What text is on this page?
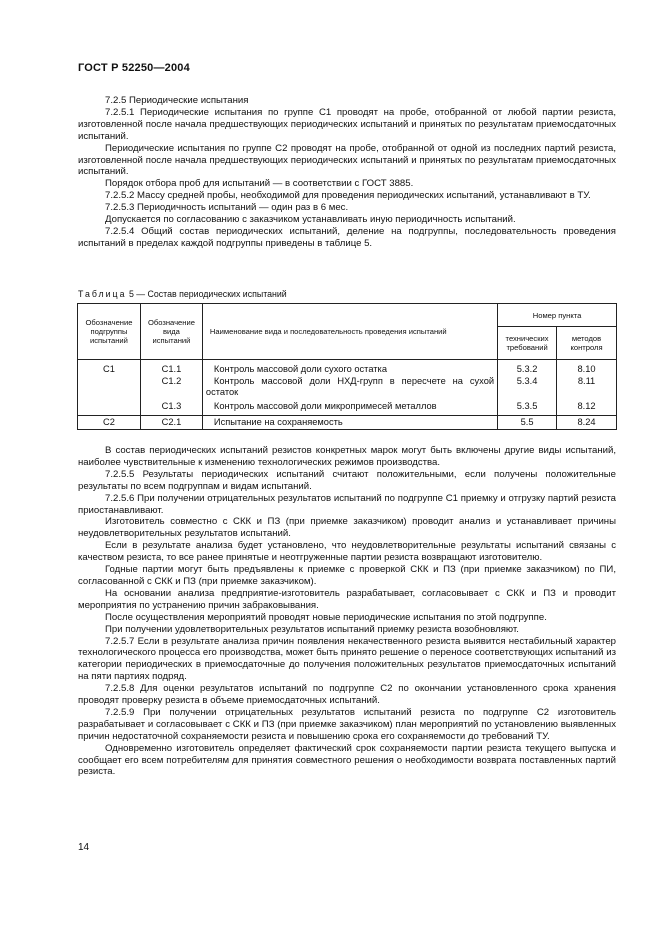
ГОСТ Р 52250—2004

7.2.5 Периодические испытания

7.2.5.1 Периодические испытания по группе С1 проводят на пробе, отобранной от любой партии резиста, изготовленной после начала предшествующих периодических испытаний и принятых по результатам приемосдаточных испытаний.

Периодические испытания по группе С2 проводят на пробе, отобранной от одной из последних партий резиста, изготовленной после начала предшествующих периодических испытаний и принятых по результатам приемосдаточных испытаний.

Порядок отбора проб для испытаний — в соответствии с ГОСТ 3885.

7.2.5.2 Массу средней пробы, необходимой для проведения периодических испытаний, устанавливают в ТУ.

7.2.5.3 Периодичность испытаний — один раз в 6 мес.

Допускается по согласованию с заказчиком устанавливать иную периодичность испытаний.

7.2.5.4 Общий состав периодических испытаний, деление на подгруппы, последовательность проведения испытаний в пределах каждой подгруппы приведены в таблице 5.

Таблица 5 — Состав периодических испытаний
Обозначение подгруппы испытаний	Обозначение вида испытаний	Наименование вида и последовательность проведения испытаний	Номер пункта	
			технических требований	методов контроля
С1	С1.1	Контроль массовой доли сухого остатка	5.3.2	8.10
	С1.2	Контроль массовой доли НХД-групп в пересчете на сухой остаток	5.3.4	8.11
	С1.3	Контроль массовой доли микропримесей металлов	5.3.5	8.12
С2	С2.1	Испытание на сохраняемость	5.5	8.24

В состав периодических испытаний резистов конкретных марок могут быть включены другие виды испытаний, наиболее чувствительные к изменению технологических режимов производства.

7.2.5.5 Результаты периодических испытаний считают положительными, если получены положительные результаты по всем подгруппам и видам испытаний.

7.2.5.6 При получении отрицательных результатов испытаний по подгруппе С1 приемку и отгрузку партий резиста приостанавливают.

Изготовитель совместно с СКК и ПЗ (при приемке заказчиком) проводит анализ и устанавливает причины неудовлетворительных результатов испытаний.

Если в результате анализа будет установлено, что неудовлетворительные результаты испытаний связаны с качеством резиста, то все ранее принятые и неотгруженные партии резиста возвращают изготовителю.

Годные партии могут быть предъявлены к приемке с проверкой СКК и ПЗ (при приемке заказчиком) по ПИ, согласованной с СКК и ПЗ (при приемке заказчиком).

На основании анализа предприятие-изготовитель разрабатывает, согласовывает с СКК и ПЗ и проводит мероприятия по устранению причин забраковывания.

После осуществления мероприятий проводят новые периодические испытания по этой подгруппе.

При получении удовлетворительных результатов испытаний приемку резиста возобновляют.

7.2.5.7 Если в результате анализа причин появления некачественного резиста выявится нестабильный характер технологического процесса его производства, может быть принято решение о переносе соответствующих испытаний из категории периодических в приемосдаточные до получения положительных результатов приемосдаточных испытаний на пяти партиях подряд.

7.2.5.8 Для оценки результатов испытаний по подгруппе С2 по окончании установленного срока хранения проводят проверку резиста в объеме приемосдаточных испытаний.

7.2.5.9 При получении отрицательных результатов испытаний резиста по подгруппе С2 изготовитель разрабатывает и согласовывает с СКК и ПЗ (при приемке заказчиком) план мероприятий по установлению выявленных причин недостаточной сохраняемости резиста и повышению срока его сохраняемости до требований ТУ.

Одновременно изготовитель определяет фактический срок сохраняемости партии резиста текущего выпуска и сообщает его всем потребителям для принятия совместного решения о необходимости возврата поставленных партий резиста.

14
